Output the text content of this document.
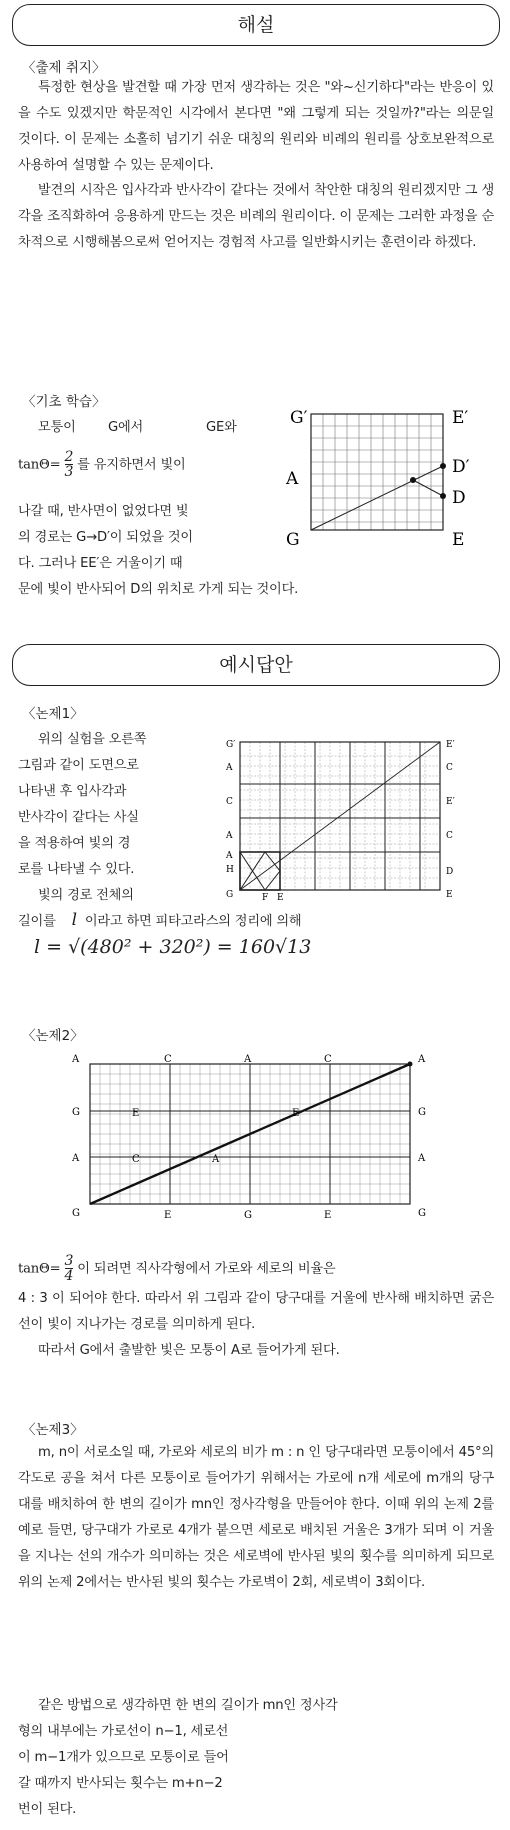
해설
〈출제 취지〉

특정한 현상을 발견할 때 가장 먼저 생각하는 것은 "와~신기하다"라는 반응이 있을 수도 있겠지만 학문적인 시각에서 본다면 "왜 그렇게 되는 것일까?"라는 의문일 것이다. 이 문제는 소홀히 넘기기 쉬운 대칭의 원리와 비례의 원리를 상호보완적으로 사용하여 설명할 수 있는 문제이다.

발견의 시작은 입사각과 반사각이 같다는 것에서 착안한 대칭의 원리겠지만 그 생각을 조직화하여 응용하게 만드는 것은 비례의 원리이다. 이 문제는 그러한 과정을 순차적으로 시행해봄으로써 얻어지는 경험적 사고를 일반화시키는 훈련이라 하겠다.

〈기초 학습〉
모퉁이 G에서	GE와
$\tan\Theta= \frac{2}{3}$ 를 유지하면서 빛이
나갈 때, 반사면이 없었다면 빛
의 경로는 G→D′이 되었을 것이
다. 그러나 EE′은 거울이기 때
문에 빛이 반사되어 D의 위치로 가게 되는 것이다.
G′	E′
A
D′
D
G	E
예시답안
〈논제1〉
위의 실험을 오른쪽
그림과 같이 도면으로
나타낸 후 입사각과
반사각이 같다는 사실
을 적용하여 빛의 경
로를 나타낼 수 있다.
빛의 경로 전체의
길이를 l 이라고 하면 피타고라스의 정리에 의해
l = √(480² + 320²) = 160√13
G′
A
C
A
A
H
G	F E
E′
C
E′
C
D
E
〈논제2〉
A	C	A	C	A
G
A
G
G
A
E
C	A
E
E	G	E	G
$\tan\Theta= \frac{3}{4}$ 이 되려면 직사각형에서 가로와 세로의 비율은

4 : 3 이 되어야 한다. 따라서 위 그림과 같이 당구대를 거울에 반사해 배치하면 굵은 선이 빛이 지나가는 경로를 의미하게 된다.

따라서 G에서 출발한 빛은 모퉁이 A로 들어가게 된다.

〈논제3〉

m, n이 서로소일 때, 가로와 세로의 비가 m : n 인 당구대라면 모퉁이에서 45°의 각도로 공을 쳐서 다른 모퉁이로 들어가기 위해서는 가로에 n개 세로에 m개의 당구대를 배치하여 한 변의 길이가 mn인 정사각형을 만들어야 한다. 이때 위의 논제 2를 예로 들면, 당구대가 가로로 4개가 붙으면 세로로 배치된 거울은 3개가 되며 이 거울을 지나는 선의 개수가 의미하는 것은 세로벽에 반사된 빛의 횟수를 의미하게 되므로 위의 논제 2에서는 반사된 빛의 횟수는 가로벽이 2회, 세로벽이 3회이다.

같은 방법으로 생각하면 한 변의 길이가 mn인 정사각
형의 내부에는 가로선이 n−1, 세로선
이 m−1개가 있으므로 모퉁이로 들어
갈 때까지 반사되는 횟수는 m+n−2
번이 된다.
